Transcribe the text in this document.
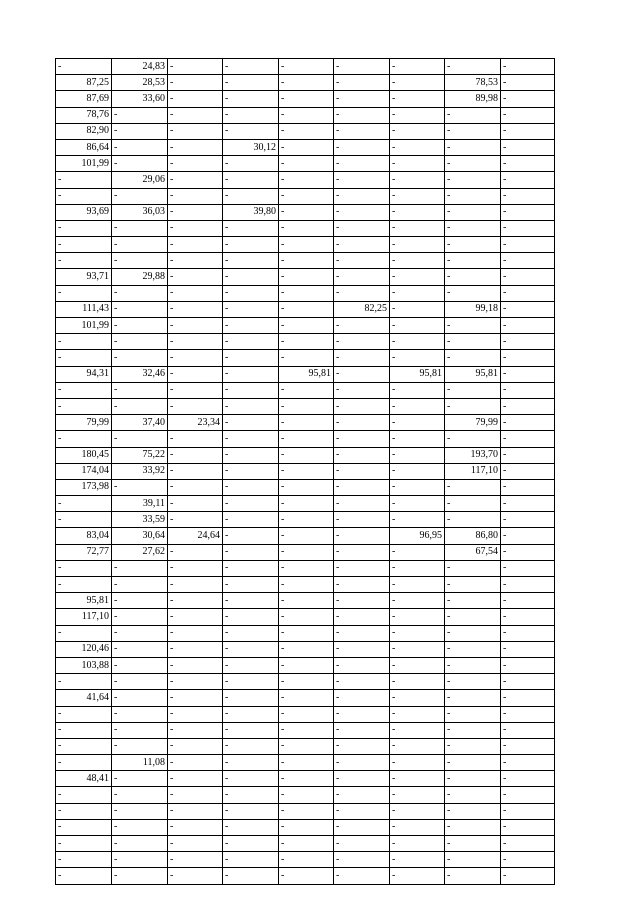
-	24,83	-	-	-	-	-	-	-
87,25	28,53	-	-	-	-	-	78,53	-
87,69	33,60	-	-	-	-	-	89,98	-
78,76	-	-	-	-	-	-	-	-
82,90	-	-	-	-	-	-	-	-
86,64	-	-	30,12	-	-	-	-	-
101,99	-	-	-	-	-	-	-	-
-	29,06	-	-	-	-	-	-	-
-	-	-	-	-	-	-	-	-
93,69	36,03	-	39,80	-	-	-	-	-
-	-	-	-	-	-	-	-	-
-	-	-	-	-	-	-	-	-
-	-	-	-	-	-	-	-	-
93,71	29,88	-	-	-	-	-	-	-
-	-	-	-	-	-	-	-	-
111,43	-	-	-	-	82,25	-	99,18	-
101,99	-	-	-	-	-	-	-	-
-	-	-	-	-	-	-	-	-
-	-	-	-	-	-	-	-	-
94,31	32,46	-	-	95,81	-	95,81	95,81	-
-	-	-	-	-	-	-	-	-
-	-	-	-	-	-	-	-	-
79,99	37,40	23,34	-	-	-	-	79,99	-
-	-	-	-	-	-	-	-	-
180,45	75,22	-	-	-	-	-	193,70	-
174,04	33,92	-	-	-	-	-	117,10	-
173,98	-	-	-	-	-	-	-	-
-	39,11	-	-	-	-	-	-	-
-	33,59	-	-	-	-	-	-	-
83,04	30,64	24,64	-	-	-	96,95	86,80	-
72,77	27,62	-	-	-	-	-	67,54	-
-	-	-	-	-	-	-	-	-
-	-	-	-	-	-	-	-	-
95,81	-	-	-	-	-	-	-	-
117,10	-	-	-	-	-	-	-	-
-	-	-	-	-	-	-	-	-
120,46	-	-	-	-	-	-	-	-
103,88	-	-	-	-	-	-	-	-
-	-	-	-	-	-	-	-	-
41,64	-	-	-	-	-	-	-	-
-	-	-	-	-	-	-	-	-
-	-	-	-	-	-	-	-	-
-	-	-	-	-	-	-	-	-
-	11,08	-	-	-	-	-	-	-
48,41	-	-	-	-	-	-	-	-
-	-	-	-	-	-	-	-	-
-	-	-	-	-	-	-	-	-
-	-	-	-	-	-	-	-	-
-	-	-	-	-	-	-	-	-
-	-	-	-	-	-	-	-	-
-	-	-	-	-	-	-	-	-
